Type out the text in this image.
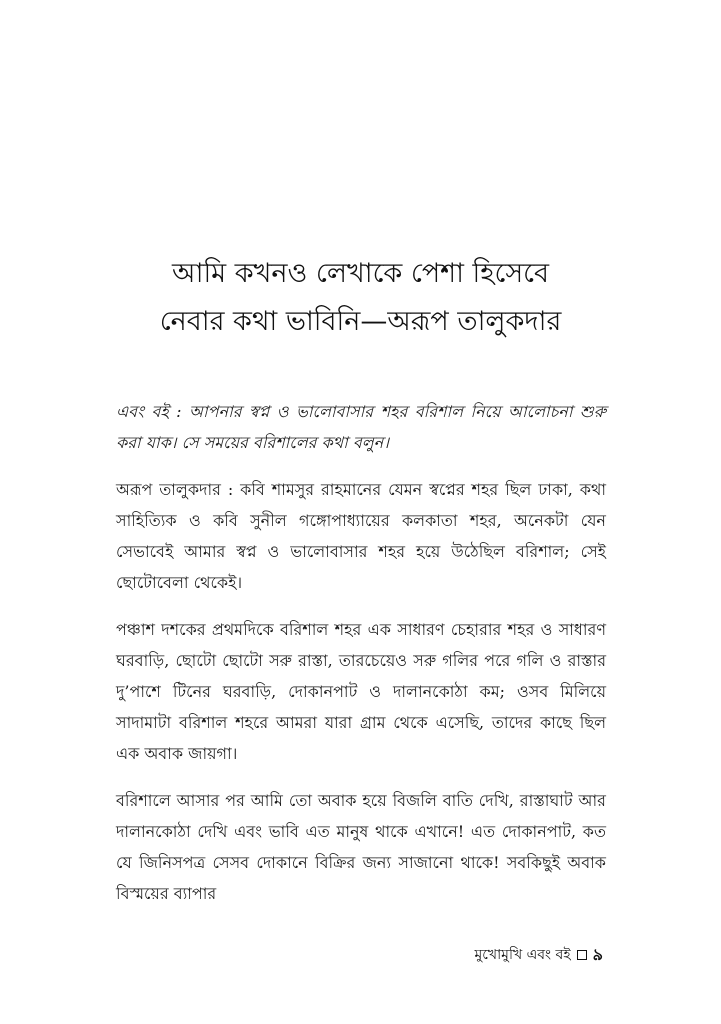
আমি কখনও লেখাকে পেশা হিসেবে
নেবার কথা ভাবিনি—অরূপ তালুকদার

এবং বই : আপনার স্বপ্ন ও ভালোবাসার শহর বরিশাল নিয়ে আলোচনা শুরু করা যাক। সে সময়ের বরিশালের কথা বলুন।

অরূপ তালুকদার : কবি শামসুর রাহমানের যেমন স্বপ্নের শহর ছিল ঢাকা, কথা সাহিত্যিক ও কবি সুনীল গঙ্গোপাধ্যায়ের কলকাতা শহর, অনেকটা যেন সেভাবেই আমার স্বপ্ন ও ভালোবাসার শহর হয়ে উঠেছিল বরিশাল; সেই ছোটোবেলা থেকেই।

পঞ্চাশ দশকের প্রথমদিকে বরিশাল শহর এক সাধারণ চেহারার শহর ও সাধারণ ঘরবাড়ি, ছোটো ছোটো সরু রাস্তা, তারচেয়েও সরু গলির পরে গলি ও রাস্তার দু’পাশে টিনের ঘরবাড়ি, দোকানপাট ও দালানকোঠা কম; ওসব মিলিয়ে সাদামাটা বরিশাল শহরে আমরা যারা গ্রাম থেকে এসেছি, তাদের কাছে ছিল এক অবাক জায়গা।

বরিশালে আসার পর আমি তো অবাক হয়ে বিজলি বাতি দেখি, রাস্তাঘাট আর দালানকোঠা দেখি এবং ভাবি এত মানুষ থাকে এখানে! এত দোকানপাট, কত যে জিনিসপত্র সেসব দোকানে বিক্রির জন্য সাজানো থাকে! সবকিছুই অবাক বিস্ময়ের ব্যাপার

মুখোমুখি এবং বই ৯
